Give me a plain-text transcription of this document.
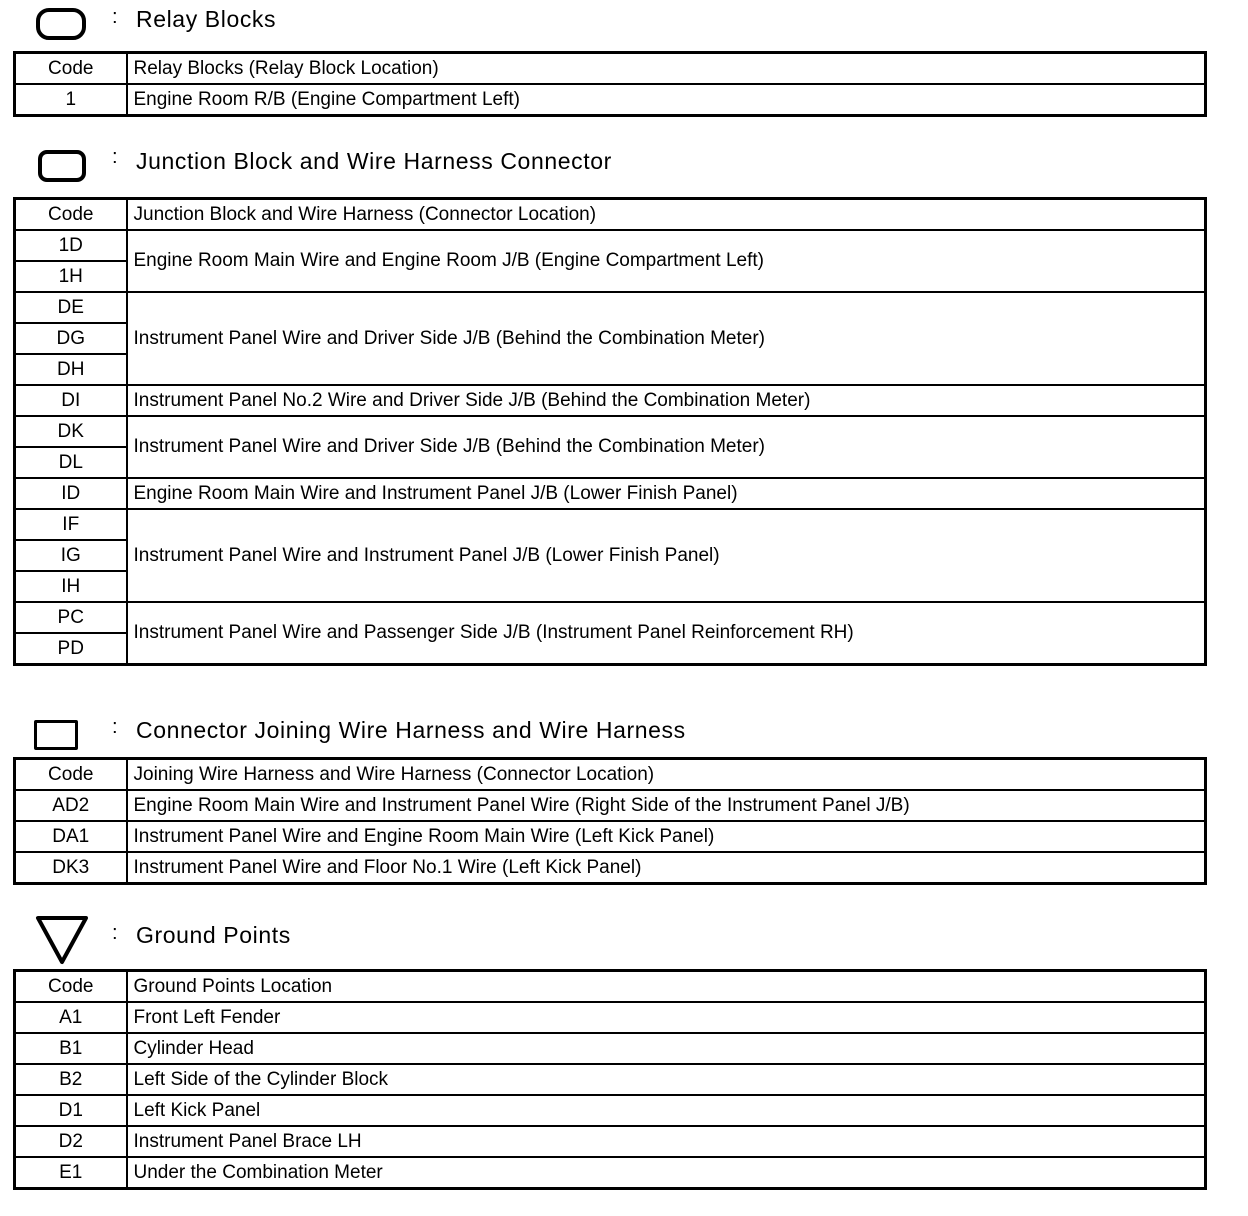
: Relay Blocks
Code	Relay Blocks (Relay Block Location)
1	Engine Room R/B (Engine Compartment Left)
: Junction Block and Wire Harness Connector
Code	Junction Block and Wire Harness (Connector Location)
1D	Engine Room Main Wire and Engine Room J/B (Engine Compartment Left)
1H	
DE	Instrument Panel Wire and Driver Side J/B (Behind the Combination Meter)
DG	
DH	
DI	Instrument Panel No.2 Wire and Driver Side J/B (Behind the Combination Meter)
DK	Instrument Panel Wire and Driver Side J/B (Behind the Combination Meter)
DL	
ID	Engine Room Main Wire and Instrument Panel J/B (Lower Finish Panel)
IF	Instrument Panel Wire and Instrument Panel J/B (Lower Finish Panel)
IG	
IH	
PC	Instrument Panel Wire and Passenger Side J/B (Instrument Panel Reinforcement RH)
PD	
: Connector Joining Wire Harness and Wire Harness
Code	Joining Wire Harness and Wire Harness (Connector Location)
AD2	Engine Room Main Wire and Instrument Panel Wire (Right Side of the Instrument Panel J/B)
DA1	Instrument Panel Wire and Engine Room Main Wire (Left Kick Panel)
DK3	Instrument Panel Wire and Floor No.1 Wire (Left Kick Panel)
: Ground Points
Code	Ground Points Location
A1	Front Left Fender
B1	Cylinder Head
B2	Left Side of the Cylinder Block
D1	Left Kick Panel
D2	Instrument Panel Brace LH
E1	Under the Combination Meter
